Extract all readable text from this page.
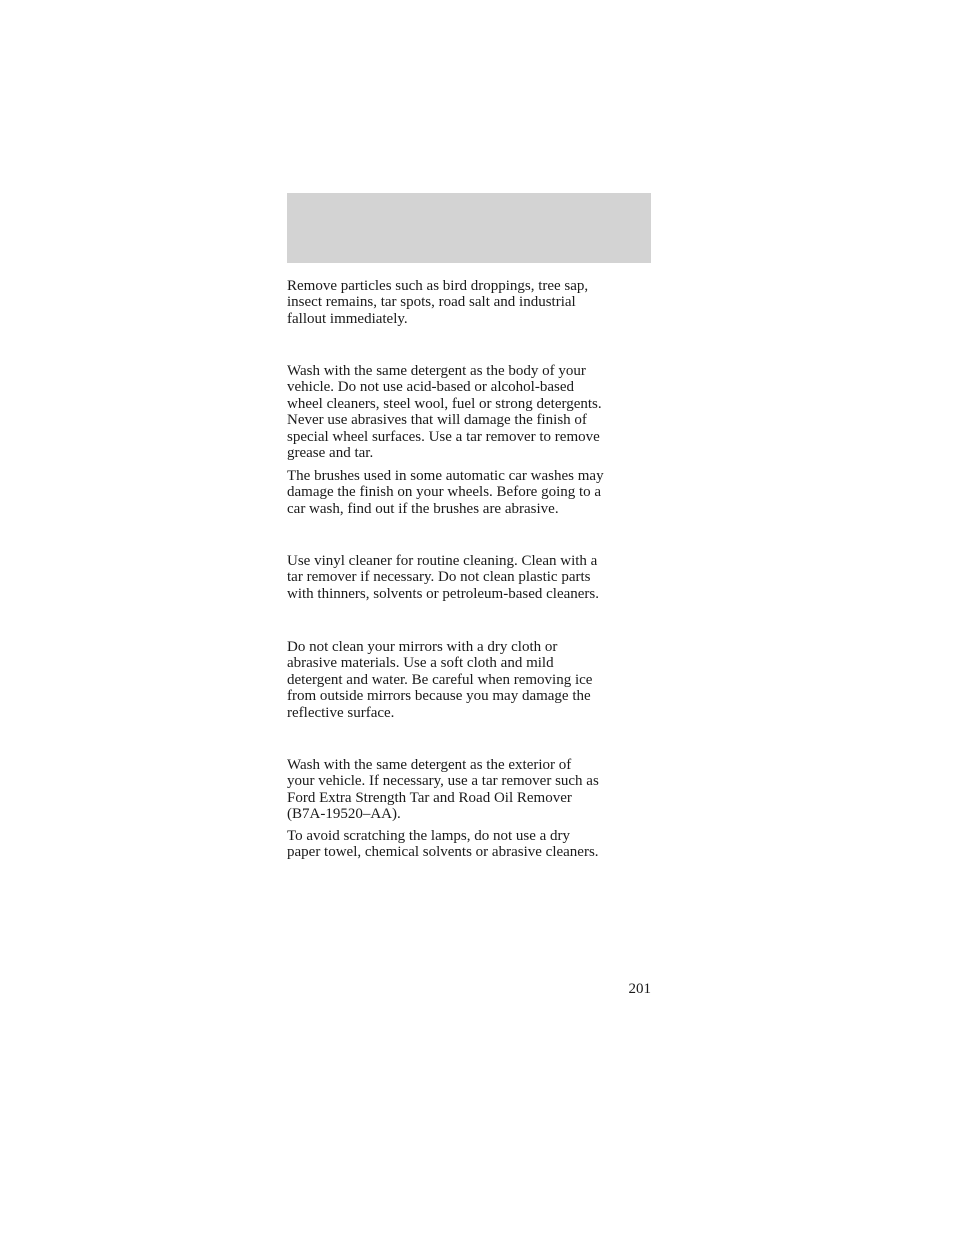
Remove particles such as bird droppings, tree sap,
insect remains, tar spots, road salt and industrial
fallout immediately.

Wash with the same detergent as the body of your
vehicle. Do not use acid-based or alcohol-based
wheel cleaners, steel wool, fuel or strong detergents.
Never use abrasives that will damage the finish of
special wheel surfaces. Use a tar remover to remove
grease and tar.

The brushes used in some automatic car washes may
damage the finish on your wheels. Before going to a
car wash, find out if the brushes are abrasive.

Use vinyl cleaner for routine cleaning. Clean with a
tar remover if necessary. Do not clean plastic parts
with thinners, solvents or petroleum-based cleaners.

Do not clean your mirrors with a dry cloth or
abrasive materials. Use a soft cloth and mild
detergent and water. Be careful when removing ice
from outside mirrors because you may damage the
reflective surface.

Wash with the same detergent as the exterior of
your vehicle. If necessary, use a tar remover such as
Ford Extra Strength Tar and Road Oil Remover
(B7A-19520–AA).

To avoid scratching the lamps, do not use a dry
paper towel, chemical solvents or abrasive cleaners.

201
